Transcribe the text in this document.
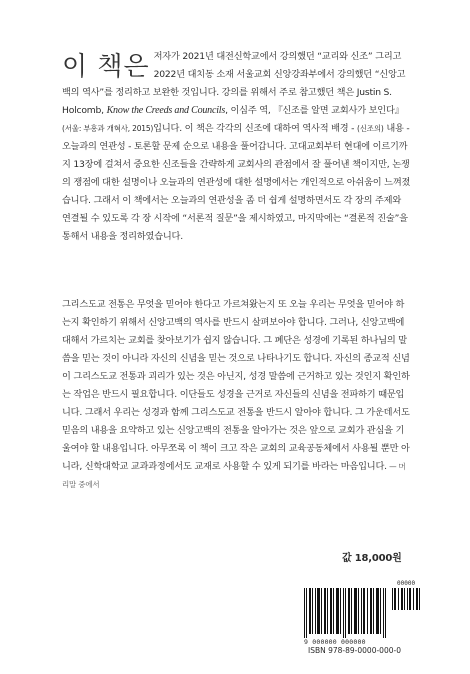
이 책은 저자가 2021년 대전신학교에서 강의했던 “교리와 신조” 그리고 2022년 대치동 소재 서울교회 신앙강좌부에서 강의했던 “신앙고백의 역사”를 정리하고 보완한 것입니다. 강의를 위해서 주로 참고했던 책은 Justin S. Holcomb, Know the Creeds and Councils, 이심주 역, 『신조를 알면 교회사가 보인다』(서울: 부흥과 개혁사, 2015)입니다. 이 책은 각각의 신조에 대하여 역사적 배경 - (신조의) 내용 - 오늘과의 연관성 - 토론할 문제 순으로 내용을 풀어갑니다. 고대교회부터 현대에 이르기까지 13장에 걸쳐서 중요한 신조들을 간략하게 교회사의 관점에서 잘 풀어낸 책이지만, 논쟁의 쟁점에 대한 설명이나 오늘과의 연관성에 대한 설명에서는 개인적으로 아쉬움이 느껴졌습니다. 그래서 이 책에서는 오늘과의 연관성을 좀 더 쉽게 설명하면서도 각 장의 주제와 연결될 수 있도록 각 장 시작에 “서론적 질문”을 제시하였고, 마지막에는 “결론적 진술”을 통해서 내용을 정리하였습니다.
그리스도교 전통은 무엇을 믿어야 한다고 가르쳐왔는지 또 오늘 우리는 무엇을 믿어야 하는지 확인하기 위해서 신앙고백의 역사를 반드시 살펴보아야 합니다. 그러나, 신앙고백에 대해서 가르치는 교회를 찾아보기가 쉽지 않습니다. 그 폐단은 성경에 기록된 하나님의 말씀을 믿는 것이 아니라 자신의 신념을 믿는 것으로 나타나기도 합니다. 자신의 종교적 신념이 그리스도교 전통과 괴리가 있는 것은 아닌지, 성경 말씀에 근거하고 있는 것인지 확인하는 작업은 반드시 필요합니다. 이단들도 성경을 근거로 자신들의 신념을 전파하기 때문입니다. 그래서 우리는 성경과 함께 그리스도교 전통을 반드시 알아야 합니다. 그 가운데서도 믿음의 내용을 요약하고 있는 신앙고백의 전통을 알아가는 것은 앞으로 교회가 관심을 기울여야 할 내용입니다. 아무쪼록 이 책이 크고 작은 교회의 교육공동체에서 사용될 뿐만 아니라, 신학대학교 교과과정에서도 교재로 사용할 수 있게 되기를 바라는 마음입니다. — 머리말 중에서
값 18,000원
00000
9 000000 000000
ISBN 978-89-0000-000-0
